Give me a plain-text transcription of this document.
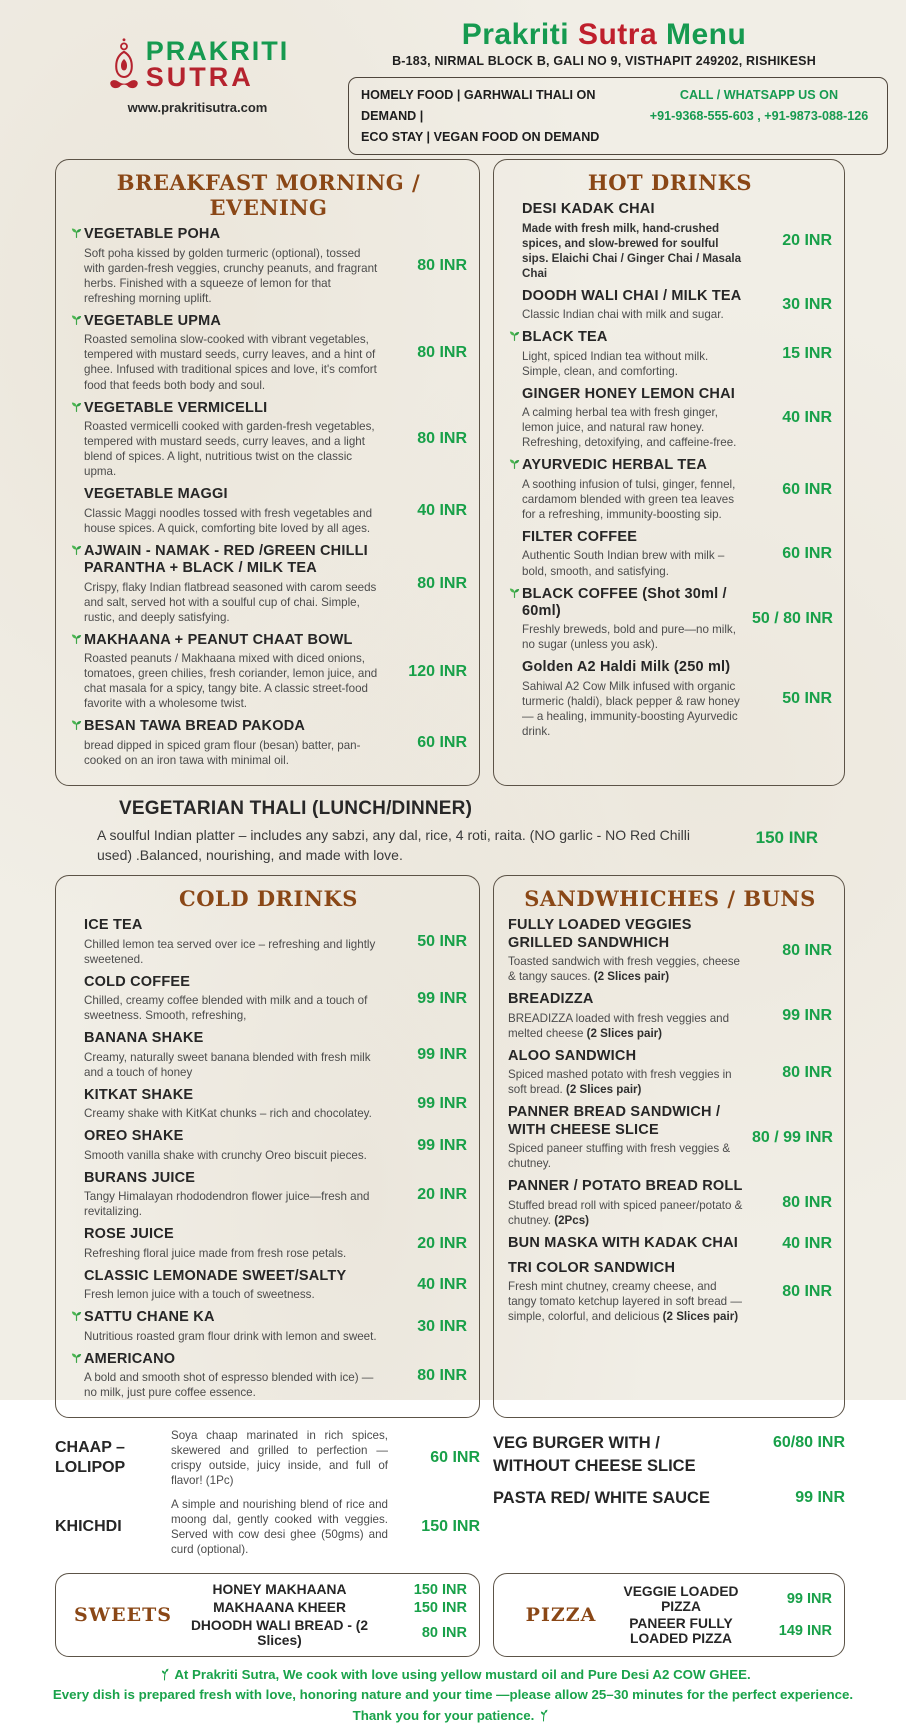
PRAKRITI
SUTRA
www.prakritisutra.com
Prakriti Sutra Menu
B-183, NIRMAL BLOCK B, GALI NO 9, VISTHAPIT 249202, RISHIKESH
HOMELY FOOD | GARHWALI THALI ON DEMAND |
ECO STAY | VEGAN FOOD ON DEMAND
CALL / WHATSAPP US ON
+91-9368-555-603 , +91-9873-088-126
BREAKFAST MORNING / EVENING
VEGETABLE POHA
Soft poha kissed by golden turmeric (optional), tossed with garden-fresh veggies, crunchy peanuts, and fragrant herbs. Finished with a squeeze of lemon for that refreshing morning uplift.
80 INR
VEGETABLE UPMA
Roasted semolina slow-cooked with vibrant vegetables, tempered with mustard seeds, curry leaves, and a hint of ghee. Infused with traditional spices and love, it's comfort food that feeds both body and soul.
80 INR
VEGETABLE VERMICELLI
Roasted vermicelli cooked with garden-fresh vegetables, tempered with mustard seeds, curry leaves, and a light blend of spices. A light, nutritious twist on the classic upma.
80 INR
VEGETABLE MAGGI
Classic Maggi noodles tossed with fresh vegetables and house spices. A quick, comforting bite loved by all ages.
40 INR
AJWAIN - NAMAK - RED /GREEN CHILLI PARANTHA + BLACK / MILK TEA
Crispy, flaky Indian flatbread seasoned with carom seeds and salt, served hot with a soulful cup of chai. Simple, rustic, and deeply satisfying.
80 INR
MAKHAANA + PEANUT CHAAT BOWL
Roasted peanuts / Makhaana mixed with diced onions, tomatoes, green chilies, fresh coriander, lemon juice, and chat masala for a spicy, tangy bite. A classic street-food favorite with a wholesome twist.
120 INR
BESAN TAWA BREAD PAKODA
bread dipped in spiced gram flour (besan) batter, pan-cooked on an iron tawa with minimal oil.
60 INR
HOT DRINKS
DESI KADAK CHAI
Made with fresh milk, hand-crushed spices, and slow-brewed for soulful sips. Elaichi Chai / Ginger Chai / Masala Chai
20 INR
DOODH WALI CHAI / MILK TEA
Classic Indian chai with milk and sugar.
30 INR
BLACK TEA
Light, spiced Indian tea without milk. Simple, clean, and comforting.
15 INR
GINGER HONEY LEMON CHAI
A calming herbal tea with fresh ginger, lemon juice, and natural raw honey. Refreshing, detoxifying, and caffeine-free.
40 INR
AYURVEDIC HERBAL TEA
A soothing infusion of tulsi, ginger, fennel, cardamom blended with green tea leaves for a refreshing, immunity-boosting sip.
60 INR
FILTER COFFEE
Authentic South Indian brew with milk – bold, smooth, and satisfying.
60 INR
BLACK COFFEE (Shot 30ml / 60ml)
Freshly breweds, bold and pure—no milk, no sugar (unless you ask).
50 / 80 INR
Golden A2 Haldi Milk (250 ml)
Sahiwal A2 Cow Milk infused with organic turmeric (haldi), black pepper & raw honey — a healing, immunity-boosting Ayurvedic drink.
50 INR
VEGETARIAN THALI (LUNCH/DINNER)
A soulful Indian platter – includes any sabzi, any dal, rice, 4 roti, raita. (NO garlic - NO Red Chilli used) .Balanced, nourishing, and made with love.
150 INR
COLD DRINKS
ICE TEA
Chilled lemon tea served over ice – refreshing and lightly sweetened.
50 INR
COLD COFFEE
Chilled, creamy coffee blended with milk and a touch of sweetness. Smooth, refreshing,
99 INR
BANANA SHAKE
Creamy, naturally sweet banana blended with fresh milk and a touch of honey
99 INR
KITKAT SHAKE
Creamy shake with KitKat chunks – rich and chocolatey.
99 INR
OREO SHAKE
Smooth vanilla shake with crunchy Oreo biscuit pieces.
99 INR
BURANS JUICE
Tangy Himalayan rhododendron flower juice—fresh and revitalizing.
20 INR
ROSE JUICE
Refreshing floral juice made from fresh rose petals.
20 INR
CLASSIC LEMONADE SWEET/SALTY
Fresh lemon juice with a touch of sweetness.
40 INR
SATTU CHANE KA
Nutritious roasted gram flour drink with lemon and sweet.
30 INR
AMERICANO
A bold and smooth shot of espresso blended with ice) — no milk, just pure coffee essence.
80 INR
SANDWHICHES / BUNS
FULLY LOADED VEGGIES GRILLED SANDWHICH
Toasted sandwich with fresh veggies, cheese & tangy sauces. (2 Slices pair)
80 INR
BREADIZZA
BREADIZZA loaded with fresh veggies and melted cheese (2 Slices pair)
99 INR
ALOO SANDWICH
Spiced mashed potato with fresh veggies in soft bread. (2 Slices pair)
80 INR
PANNER BREAD SANDWICH / WITH CHEESE SLICE
Spiced paneer stuffing with fresh veggies & chutney.
80 / 99 INR
PANNER / POTATO BREAD ROLL
Stuffed bread roll with spiced paneer/potato & chutney. (2Pcs)
80 INR
BUN MASKA WITH KADAK CHAI	40 INR
TRI COLOR SANDWICH
Fresh mint chutney, creamy cheese, and tangy tomato ketchup layered in soft bread — simple, colorful, and delicious (2 Slices pair)
80 INR
CHAAP – LOLIPOP
Soya chaap marinated in rich spices, skewered and grilled to perfection — crispy outside, juicy inside, and full of flavor! (1Pc)
60 INR
KHICHDI
A simple and nourishing blend of rice and moong dal, gently cooked with veggies. Served with cow desi ghee (50gms) and curd (optional).
150 INR
VEG BURGER WITH / WITHOUT CHEESE SLICE
60/80 INR
PASTA RED/ WHITE SAUCE	99 INR
SWEETS
HONEY MAKHAANA	150 INR
MAKHAANA KHEER	150 INR
DHOODH WALI BREAD - (2 Slices)	80 INR
PIZZA
VEGGIE LOADED PIZZA	99 INR
PANEER FULLY LOADED PIZZA	149 INR
At Prakriti Sutra, We cook with love using yellow mustard oil and Pure Desi A2 COW GHEE.
Every dish is prepared fresh with love, honoring nature and your time —please allow 25–30 minutes for the perfect experience.
Thank you for your patience.
